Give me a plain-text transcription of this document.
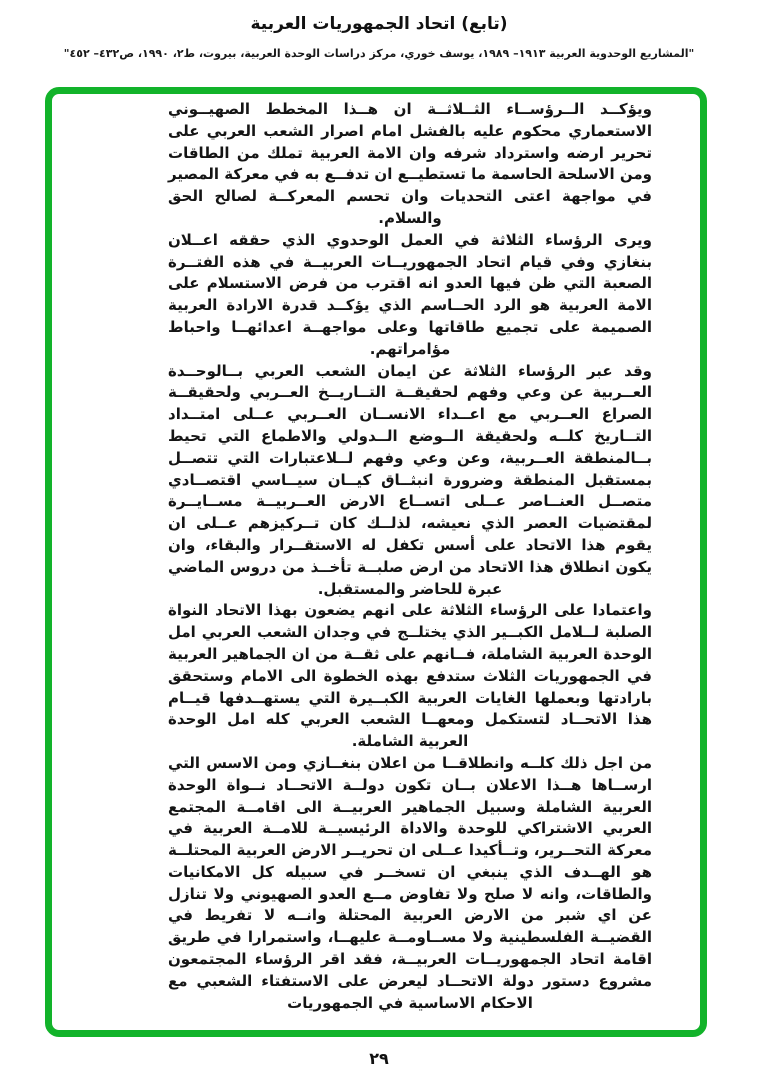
(تابع) اتحاد الجمهوريات العربية
"المشاريع الوحدوية العربية ١٩١٣– ١٩٨٩، يوسف خوري، مركز دراسات الوحدة العربية، بيروت، ط٢، ١٩٩٠، ص٤٣٢– ٤٥٢"

ويؤكــد الــرؤســاء الثــلاثــة ان هــذا المخطط الصهيــوني الاستعماري محكوم عليه بالفشل امام اصرار الشعب العربي على تحرير ارضه واسترداد شرفه وان الامة العربية تملك من الطاقات ومن الاسلحة الحاسمة ما تستطيــع ان تدفــع به في معركة المصير في مواجهة اعتى التحديات وان تحسم المعركــة لصالح الحق والسلام.

ويرى الرؤساء الثلاثة في العمل الوحدوي الذي حققه اعــلان بنغازي وفي قيام اتحاد الجمهوريــات العربيــة في هذه الفتــرة الصعبة التي ظن فيها العدو انه اقترب من فرض الاستسلام على الامة العربية هو الرد الحــاسم الذي يؤكــد قدرة الارادة العربية الصميمة على تجميع طاقاتها وعلى مواجهــة اعدائهــا واحباط مؤامراتهم.

وقد عبر الرؤساء الثلاثة عن ايمان الشعب العربي بــالوحــدة العــربية عن وعي وفهم لحقيقــة التــاريــخ العــربي ولحقيقــة الصراع العــربي مع اعــداء الانســان العــربي عــلى امتــداد التــاريخ كلــه ولحقيقة الــوضع الــدولي والاطماع التي تحيط بــالمنطقة العــربية، وعن وعي وفهم لــلاعتبارات التي تتصــل بمستقبل المنطقة وضرورة انبثــاق كيــان سيــاسي اقتصــادي متصــل العنــاصر عــلى اتســاع الارض العــربيــة مســايــرة لمقتضيات العصر الذي نعيشه، لذلــك كان تــركيزهم عــلى ان يقوم هذا الاتحاد على أسس تكفل له الاستقــرار والبقاء، وان يكون انطلاق هذا الاتحاد من ارض صلبــة تأخــذ من دروس الماضي عبرة للحاضر والمستقبل.

واعتمادا على الرؤساء الثلاثة على انهم يضعون بهذا الاتحاد النواة الصلبة لــلامل الكبــير الذي يختلــج في وجدان الشعب العربي امل الوحدة العربية الشاملة، فــانهم على ثقــة من ان الجماهير العربية في الجمهوريات الثلاث ستدفع بهذه الخطوة الى الامام وستحقق بارادتها وبعملها الغايات العربية الكبــيرة التي يستهــدفها قيــام هذا الاتحــاد لتستكمل ومعهــا الشعب العربي كله امل الوحدة العربية الشاملة.

من اجل ذلك كلــه وانطلاقــا من اعلان بنغــازي ومن الاسس التي ارســاها هــذا الاعلان بــان تكون دولــة الاتحــاد نــواة الوحدة العربية الشاملة وسبيل الجماهير العربيــة الى اقامــة المجتمع العربي الاشتراكي للوحدة والاداة الرئيسيــة للامــة العربية في معركة التحــرير، وتــأكيدا عــلى ان تحريــر الارض العربية المحتلــة هو الهــدف الذي ينبغي ان تسخــر في سبيله كل الامكانيات والطاقات، وانه لا صلح ولا تفاوض مــع العدو الصهيوني ولا تنازل عن اي شبر من الارض العربية المحتلة وانــه لا تفريط في القضيــة الفلسطينية ولا مســاومــة عليهــا، واستمرارا في طريق اقامة اتحاد الجمهوريــات العربيــة، فقد اقر الرؤساء المجتمعون مشروع دستور دولة الاتحــاد ليعرض على الاستفتاء الشعبي مع الاحكام الاساسية في الجمهوريات

٢٩
